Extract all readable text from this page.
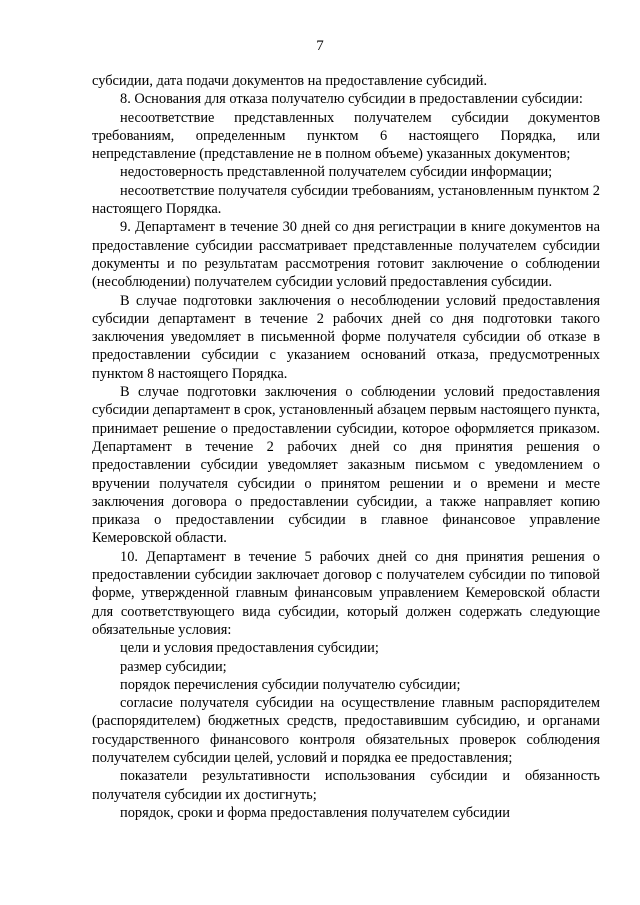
7

субсидии, дата подачи документов на предоставление субсидий.

8. Основания для отказа получателю субсидии в предоставлении субсидии:

несоответствие представленных получателем субсидии документов требованиям, определенным пунктом 6 настоящего Порядка, или непредставление (представление не в полном объеме) указанных документов;

недостоверность представленной получателем субсидии информации;

несоответствие получателя субсидии требованиям, установленным пунктом 2 настоящего Порядка.

9. Департамент в течение 30 дней со дня регистрации в книге документов на предоставление субсидии рассматривает представленные получателем субсидии документы и по результатам рассмотрения готовит заключение о соблюдении (несоблюдении) получателем субсидии условий предоставления субсидии.

В случае подготовки заключения о несоблюдении условий предоставления субсидии департамент в течение 2 рабочих дней со дня подготовки такого заключения уведомляет в письменной форме получателя субсидии об отказе в предоставлении субсидии с указанием оснований отказа, предусмотренных пунктом 8 настоящего Порядка.

В случае подготовки заключения о соблюдении условий предоставления субсидии департамент в срок, установленный абзацем первым настоящего пункта, принимает решение о предоставлении субсидии, которое оформляется приказом. Департамент в течение 2 рабочих дней со дня принятия решения о предоставлении субсидии уведомляет заказным письмом с уведомлением о вручении получателя субсидии о принятом решении и о времени и месте заключения договора о предоставлении субсидии, а также направляет копию приказа о предоставлении субсидии в главное финансовое управление Кемеровской области.

10. Департамент в течение 5 рабочих дней со дня принятия решения о предоставлении субсидии заключает договор с получателем субсидии по типовой форме, утвержденной главным финансовым управлением Кемеровской области для соответствующего вида субсидии, который должен содержать следующие обязательные условия:

цели и условия предоставления субсидии;

размер субсидии;

порядок перечисления субсидии получателю субсидии;

согласие получателя субсидии на осуществление главным распорядителем (распорядителем) бюджетных средств, предоставившим субсидию, и органами государственного финансового контроля обязательных проверок соблюдения получателем субсидии целей, условий и порядка ее предоставления;

показатели результативности использования субсидии и обязанность получателя субсидии их достигнуть;

порядок, сроки и форма предоставления получателем субсидии
